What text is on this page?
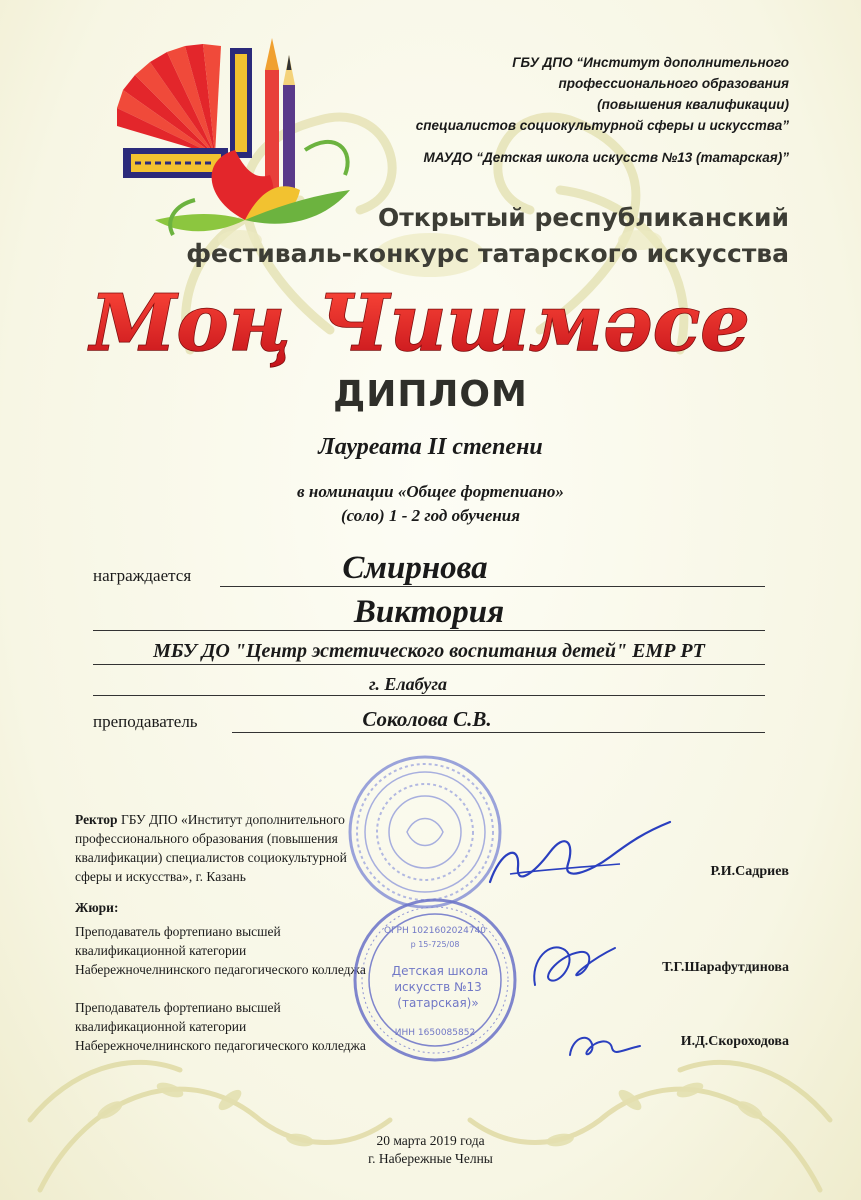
ГБУ ДПО “Институт дополнительного
профессионального образования
(повышения квалификации)
специалистов социокультурной сферы и искусства”
МАУДО “Детская школа искусств №13 (татарская)”
Открытый республиканский
фестиваль-конкурс татарского искусства
Моң Чишмәсе
ДИПЛОМ
Лауреата II степени
в номинации «Общее фортепиано»
(соло) 1 - 2 год обучения
награждается	Смирнова
Виктория
МБУ ДО "Центр эстетического воспитания детей" ЕМР РТ
г. Елабуга
преподаватель	Соколова С.В.
Ректор ГБУ ДПО «Институт дополнительного
профессионального образования (повышения
квалификации) специалистов социокультурной
сферы и искусства», г. Казань	Р.И.Садриев
Жюри:
Преподаватель фортепиано высшей
квалификационной категории
Набережночелнинского педагогического колледжа	Т.Г.Шарафутдинова
Преподаватель фортепиано высшей
квалификационной категории
Набережночелнинского педагогического колледжа	И.Д.Скороходова
ОГРН 1021602024740
р 15-725/08
Детская школа
искусств №13
(татарская)»
ИНН 1650085852
20 марта 2019 года
г. Набережные Челны
